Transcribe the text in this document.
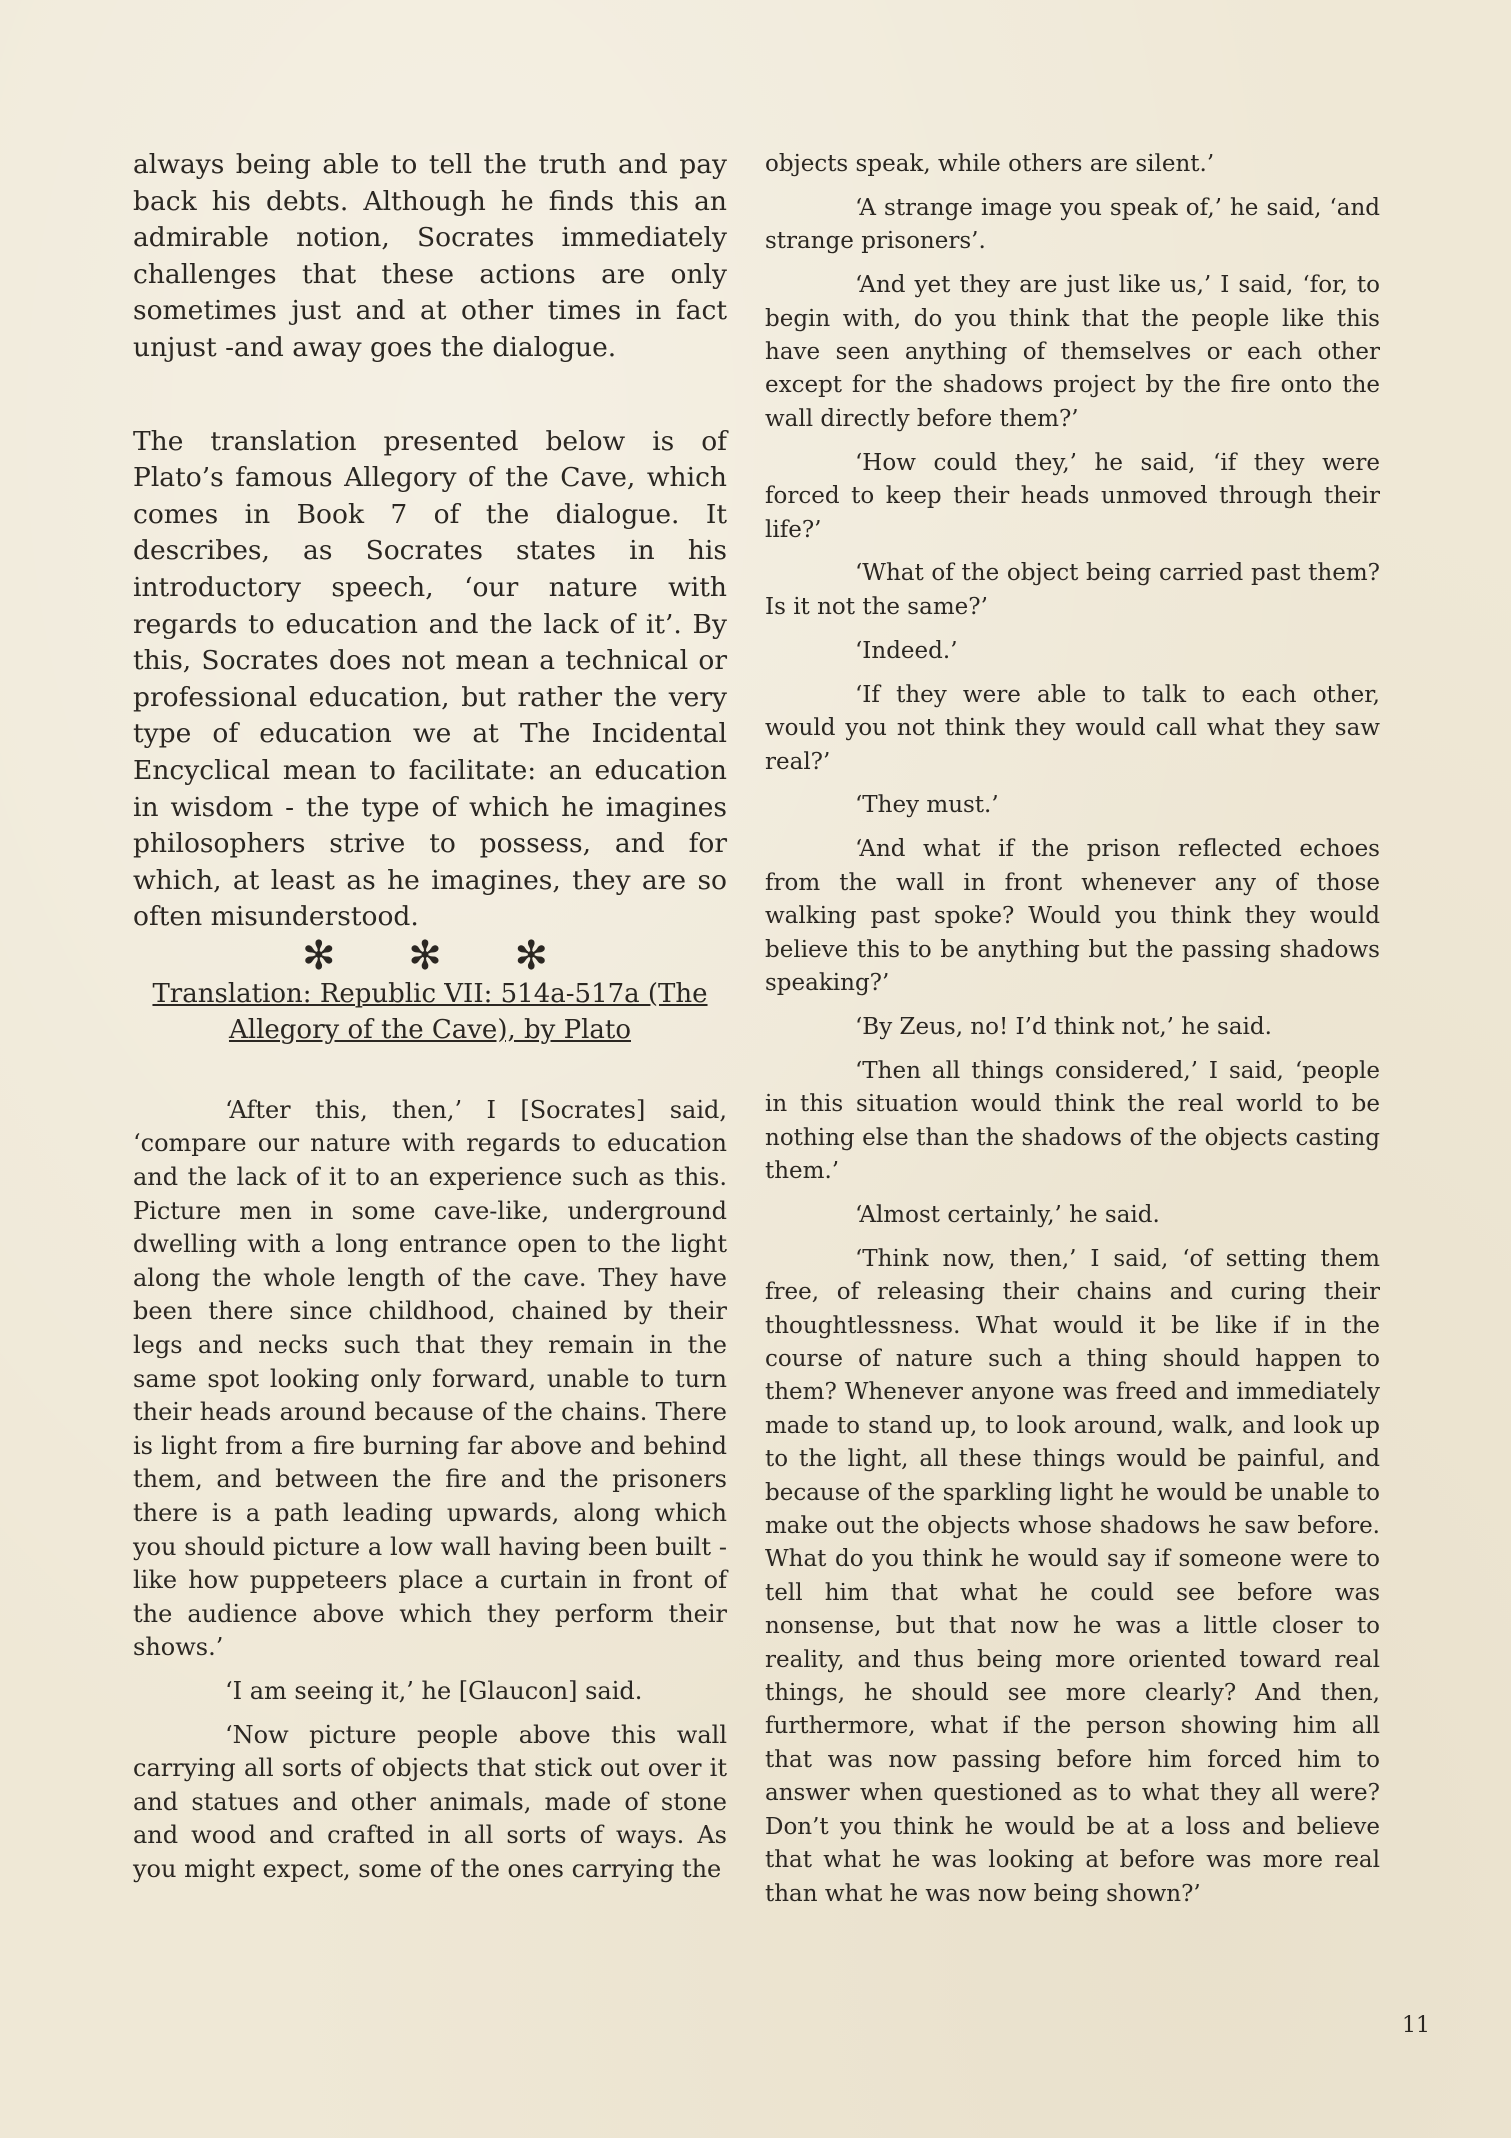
always being able to tell the truth and pay back his debts. Although he finds this an admirable notion, Socrates immediately challenges that these actions are only sometimes just and at other times in fact unjust -and away goes the dialogue.

The translation presented below is of Plato’s famous Allegory of the Cave, which comes in Book 7 of the dialogue. It describes, as Socrates states in his introductory speech, ‘our nature with regards to education and the lack of it’. By this, Socrates does not mean a technical or professional education, but rather the very type of education we at The Incidental Encyclical mean to facilitate: an education in wisdom - the type of which he imagines philosophers strive to possess, and for which, at least as he imagines, they are so often misunderstood.

✻ ✻ ✻

Translation: Republic VII: 514a-517a (The Allegory of the Cave), by Plato

‘After this, then,’ I [Socrates] said, ‘compare our nature with regards to education and the lack of it to an experience such as this. Picture men in some cave-like, underground dwelling with a long entrance open to the light along the whole length of the cave. They have been there since childhood, chained by their legs and necks such that they remain in the same spot looking only forward, unable to turn their heads around because of the chains. There is light from a fire burning far above and behind them, and between the fire and the prisoners there is a path leading upwards, along which you should picture a low wall having been built - like how puppeteers place a curtain in front of the audience above which they perform their shows.’

‘I am seeing it,’ he [Glaucon] said.

‘Now picture people above this wall carrying all sorts of objects that stick out over it and statues and other animals, made of stone and wood and crafted in all sorts of ways. As you might expect, some of the ones carrying the

objects speak, while others are silent.’

‘A strange image you speak of,’ he said, ‘and strange prisoners’.

‘And yet they are just like us,’ I said, ‘for, to begin with, do you think that the people like this have seen anything of themselves or each other except for the shadows project by the fire onto the wall directly before them?’

‘How could they,’ he said, ‘if they were forced to keep their heads unmoved through their life?’

‘What of the object being carried past them? Is it not the same?’

‘Indeed.’

‘If they were able to talk to each other, would you not think they would call what they saw real?’

‘They must.’

‘And what if the prison reflected echoes from the wall in front whenever any of those walking past spoke? Would you think they would believe this to be anything but the passing shadows speaking?’

‘By Zeus, no! I’d think not,’ he said.

‘Then all things considered,’ I said, ‘people in this situation would think the real world to be nothing else than the shadows of the objects casting them.’

‘Almost certainly,’ he said.

‘Think now, then,’ I said, ‘of setting them free, of releasing their chains and curing their thoughtlessness. What would it be like if in the course of nature such a thing should happen to them? Whenever anyone was freed and immediately made to stand up, to look around, walk, and look up to the light, all these things would be painful, and because of the sparkling light he would be unable to make out the objects whose shadows he saw before. What do you think he would say if someone were to tell him that what he could see before was nonsense, but that now he was a little closer to reality, and thus being more oriented toward real things, he should see more clearly? And then, furthermore, what if the person showing him all that was now passing before him forced him to answer when questioned as to what they all were? Don’t you think he would be at a loss and believe that what he was looking at before was more real than what he was now being shown?’

11
